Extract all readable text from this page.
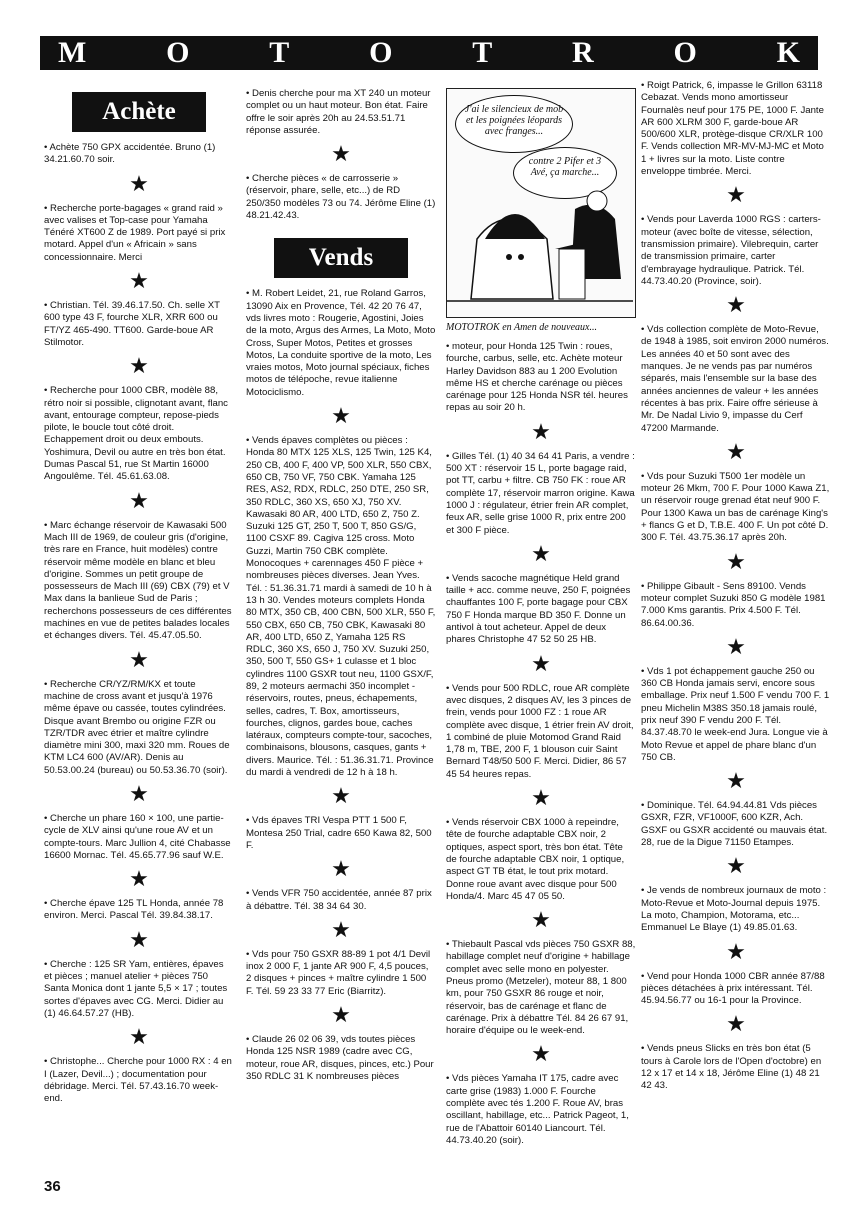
M	O	T	O	T	R	O	K
Achète

• Achète 750 GPX accidentée. Bruno (1) 34.21.60.70 soir.

★

• Recherche porte-bagages « grand raid » avec valises et Top-case pour Yamaha Ténéré XT600 Z de 1989. Port payé si prix motard. Appel d'un « Africain » sans concessionnaire. Merci

★

• Christian. Tél. 39.46.17.50. Ch. selle XT 600 type 43 F, fourche XLR, XRR 600 ou FT/YZ 465-490. TT600. Garde-boue AR Stilmotor.

★

• Recherche pour 1000 CBR, modèle 88, rétro noir si possible, clignotant avant, flanc avant, entourage compteur, repose-pieds pilote, le boucle tout côté droit. Echappement droit ou deux embouts. Yoshimura, Devil ou autre en très bon état. Dumas Pascal 51, rue St Martin 16000 Angoulême. Tél. 45.61.63.08.

★

• Marc échange réservoir de Kawasaki 500 Mach III de 1969, de couleur gris (d'origine, très rare en France, huit modèles) contre réservoir même modèle en blanc et bleu d'origine. Sommes un petit groupe de possesseurs de Mach III (69) CBX (79) et V Max dans la banlieue Sud de Paris ; recherchons possesseurs de ces différentes machines en vue de petites balades locales et échanges divers. Tél. 45.47.05.50.

★

• Recherche CR/YZ/RM/KX et toute machine de cross avant et jusqu'à 1976 même épave ou cassée, toutes cylindrées. Disque avant Brembo ou origine FZR ou TZR/TDR avec étrier et maître cylindre diamètre mini 300, maxi 320 mm. Roues de KTM LC4 600 (AV/AR). Denis au 50.53.00.24 (bureau) ou 50.53.36.70 (soir).

★

• Cherche un phare 160 × 100, une partie-cycle de XLV ainsi qu'une roue AV et un compte-tours. Marc Jullion 4, cité Chabasse 16600 Mornac. Tél. 45.65.77.96 sauf W.E.

★

• Cherche épave 125 TL Honda, année 78 environ. Merci. Pascal Tél. 39.84.38.17.

★

• Cherche : 125 SR Yam, entières, épaves et pièces ; manuel atelier + pièces 750 Santa Monica dont 1 jante 5,5 × 17 ; toutes sortes d'épaves avec CG. Merci. Didier au (1) 46.64.57.27 (HB).

★

• Christophe... Cherche pour 1000 RX : 4 en I (Lazer, Devil...) ; documentation pour débridage. Merci. Tél. 57.43.16.70 week-end.

• Denis cherche pour ma XT 240 un moteur complet ou un haut moteur. Bon état. Faire offre le soir après 20h au 24.53.51.71 réponse assurée.

★

• Cherche pièces « de carrosserie » (réservoir, phare, selle, etc...) de RD 250/350 modèles 73 ou 74. Jérôme Eline (1) 48.21.42.43.

Vends

• M. Robert Leidet, 21, rue Roland Garros, 13090 Aix en Provence, Tél. 42 20 76 47, vds livres moto : Rougerie, Agostini, Joies de la moto, Argus des Armes, La Moto, Moto Cross, Super Motos, Petites et grosses Motos, La conduite sportive de la moto, Les vraies motos, Moto journal spéciaux, fiches motos de télépoche, revue italienne Motociclismo.

★

• Vends épaves complètes ou pièces : Honda 80 MTX 125 XLS, 125 Twin, 125 K4, 250 CB, 400 F, 400 VP, 500 XLR, 550 CBX, 650 CB, 750 VF, 750 CBK. Yamaha 125 RES, AS2, RDX, RDLC, 250 DTE, 250 SR, 350 RDLC, 360 XS, 650 XJ, 750 XV. Kawasaki 80 AR, 400 LTD, 650 Z, 750 Z. Suzuki 125 GT, 250 T, 500 T, 850 GS/G, 1100 CSXF 89. Cagiva 125 cross. Moto Guzzi, Martin 750 CBK complète. Monocoques + carennages 450 F pièce + nombreuses pièces diverses. Jean Yves. Tél. : 51.36.31.71 mardi à samedi de 10 h à 13 h 30. Vendes moteurs complets Honda 80 MTX, 350 CB, 400 CBN, 500 XLR, 550 F, 550 CBX, 650 CB, 750 CBK, Kawasaki 80 AR, 400 LTD, 650 Z, Yamaha 125 RS RDLC, 360 XS, 650 J, 750 XV. Suzuki 250, 350, 500 T, 550 GS+ 1 culasse et 1 bloc cylindres 1100 GSXR tout neu, 1100 GSX/F, 89, 2 moteurs aermachi 350 incomplet - réservoirs, routes, pneus, échapements, selles, cadres, T. Box, amortisseurs, fourches, clignos, gardes boue, caches latéraux, compteurs compte-tour, sacoches, combinaisons, blousons, casques, gants + divers. Maurice. Tél. : 51.36.31.71. Province du mardi à vendredi de 12 h à 18 h.

★

• Vds épaves TRI Vespa PTT 1 500 F, Montesa 250 Trial, cadre 650 Kawa 82, 500 F.

★

• Vends VFR 750 accidentée, année 87 prix à débattre. Tél. 38 34 64 30.

★

• Vds pour 750 GSXR 88-89 1 pot 4/1 Devil inox 2 000 F, 1 jante AR 900 F, 4,5 pouces, 2 disques + pinces + maître cylindre 1 500 F. Tél. 59 23 33 77 Eric (Biarritz).

★

• Claude 26 02 06 39, vds toutes pièces Honda 125 NSR 1989 (cadre avec CG, moteur, roue AR, disques, pinces, etc.) Pour 350 RDLC 31 K nombreuses pièces

J'ai le silencieux de mob et les poignées léopards avec franges...
contre 2 Pifer et 3 Avé, ça marche...
MOTOTROK en Amen de nouveaux...

• moteur, pour Honda 125 Twin : roues, fourche, carbus, selle, etc. Achète moteur Harley Davidson 883 au 1 200 Evolution même HS et cherche carénage ou pièces carénage pour 125 Honda NSR tél. heures repas au soir 20 h.

★

• Gilles Tél. (1) 40 34 64 41 Paris, a vendre : 500 XT : réservoir 15 L, porte bagage raid, pot TT, carbu + filtre. CB 750 FK : roue AR complète 17, réservoir marron origine. Kawa 1000 J : régulateur, étrier frein AR complet, feux AR, selle grise 1000 R, prix entre 200 et 300 F pièce.

★

• Vends sacoche magnétique Held grand taille + acc. comme neuve, 250 F, poignées chauffantes 100 F, porte bagage pour CBX 750 F Honda marque BD 350 F. Donne un antivol à tout acheteur. Appel de deux phares Christophe 47 52 50 25 HB.

★

• Vends pour 500 RDLC, roue AR complète avec disques, 2 disques AV, les 3 pinces de frein, vends pour 1000 FZ : 1 roue AR complète avec disque, 1 étrier frein AV droit, 1 combiné de pluie Motomod Grand Raid 1,78 m, TBE, 200 F, 1 blouson cuir Saint Bernard T48/50 500 F. Merci. Didier, 86 57 45 54 heures repas.

★

• Vends réservoir CBX 1000 à repeindre, tête de fourche adaptable CBX noir, 2 optiques, aspect sport, très bon état. Tête de fourche adaptable CBX noir, 1 optique, aspect GT TB état, le tout prix motard. Donne roue avant avec disque pour 500 Honda/4. Marc 45 47 05 50.

★

• Thiebault Pascal vds pièces 750 GSXR 88, habillage complet neuf d'origine + habillage complet avec selle mono en polyester. Pneus promo (Metzeler), moteur 88, 1 800 km, pour 750 GSXR 86 rouge et noir, réservoir, bas de carénage et flanc de carénage. Prix à débattre Tél. 84 26 67 91, horaire d'équipe ou le week-end.

★

• Vds pièces Yamaha IT 175, cadre avec carte grise (1983) 1.000 F. Fourche complète avec tés 1.200 F. Roue AV, bras oscillant, habillage, etc... Patrick Pageot, 1, rue de l'Abattoir 60140 Liancourt. Tél. 44.73.40.20 (soir).

• Roigt Patrick, 6, impasse le Grillon 63118 Cebazat. Vends mono amortisseur Fournalès neuf pour 175 PE, 1000 F. Jante AR 600 XLRM 300 F, garde-boue AR 500/600 XLR, protège-disque CR/XLR 100 F. Vends collection MR-MV-MJ-MC et Moto 1 + livres sur la moto. Liste contre enveloppe timbrée. Merci.

★

• Vends pour Laverda 1000 RGS : carters-moteur (avec boîte de vitesse, sélection, transmission primaire). Vilebrequin, carter de transmission primaire, carter d'embrayage hydraulique. Patrick. Tél. 44.73.40.20 (Province, soir).

★

• Vds collection complète de Moto-Revue, de 1948 à 1985, soit environ 2000 numéros. Les années 40 et 50 sont avec des manques. Je ne vends pas par numéros séparés, mais l'ensemble sur la base des années anciennes de valeur + les années récentes à bas prix. Faire offre sérieuse à Mr. De Nadal Livio 9, impasse du Cerf 47200 Marmande.

★

• Vds pour Suzuki T500 1er modèle un moteur 26 Mkm, 700 F. Pour 1000 Kawa Z1, un réservoir rouge grenad état neuf 900 F. Pour 1300 Kawa un bas de carénage King's + flancs G et D, T.B.E. 400 F. Un pot côté D. 300 F. Tél. 43.75.36.17 après 20h.

★

• Philippe Gibault - Sens 89100. Vends moteur complet Suzuki 850 G modèle 1981 7.000 Kms garantis. Prix 4.500 F. Tél. 86.64.00.36.

★

• Vds 1 pot échappement gauche 250 ou 360 CB Honda jamais servi, encore sous emballage. Prix neuf 1.500 F vendu 700 F. 1 pneu Michelin M38S 350.18 jamais roulé, prix neuf 390 F vendu 200 F. Tél. 84.37.48.70 le week-end Jura. Longue vie à Moto Revue et appel de phare blanc d'un 750 CB.

★

• Dominique. Tél. 64.94.44.81 Vds pièces GSXR, FZR, VF1000F, 600 KZR, Ach. GSXF ou GSXR accidenté ou mauvais état. 28, rue de la Digue 71150 Etampes.

★

• Je vends de nombreux journaux de moto : Moto-Revue et Moto-Journal depuis 1975. La moto, Champion, Motorama, etc... Emmanuel Le Blaye (1) 49.85.01.63.

★

• Vend pour Honda 1000 CBR année 87/88 pièces détachées à prix intéressant. Tél. 45.94.56.77 ou 16-1 pour la Province.

★

• Vends pneus Slicks en très bon état (5 tours à Carole lors de l'Open d'octobre) en 12 x 17 et 14 x 18, Jérôme Eline (1) 48 21 42 43.

36
